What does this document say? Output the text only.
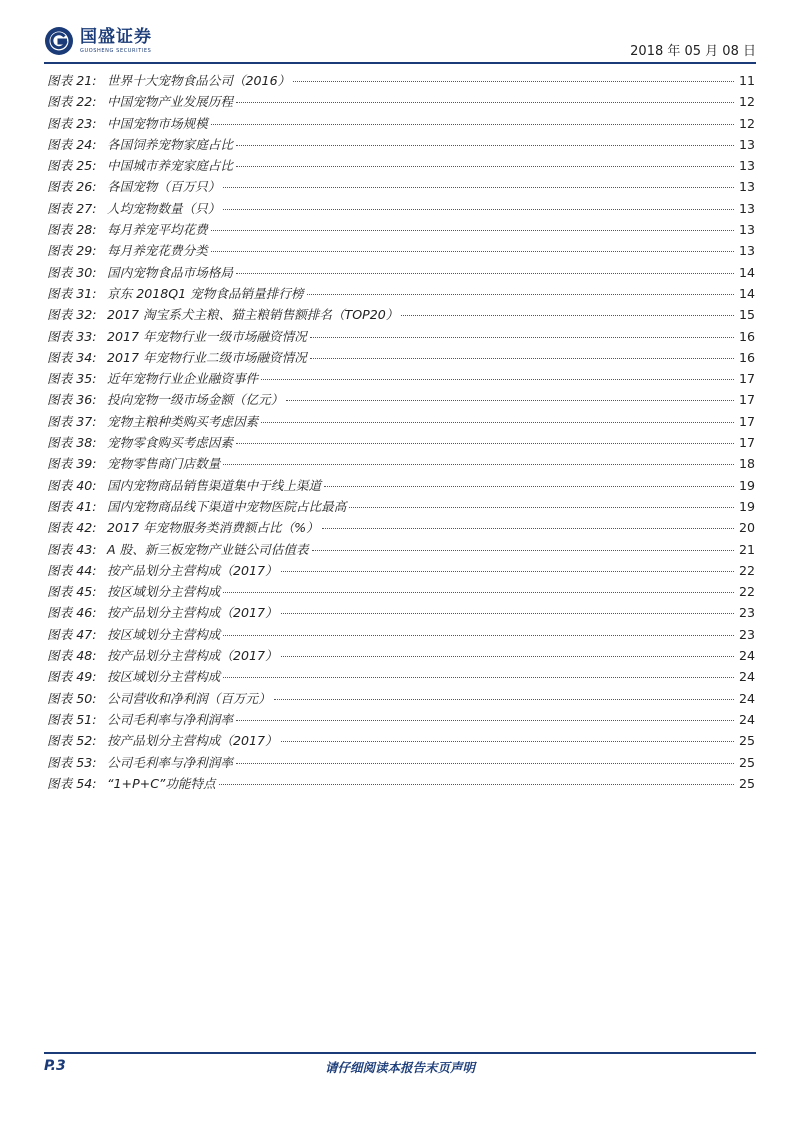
国盛证券
GUOSHENG SECURITIES	2018 年 05 月 08 日
图表 21: 世界十大宠物食品公司（2016）	11
图表 22: 中国宠物产业发展历程	12
图表 23: 中国宠物市场规模	12
图表 24: 各国饲养宠物家庭占比	13
图表 25: 中国城市养宠家庭占比	13
图表 26: 各国宠物（百万只）	13
图表 27: 人均宠物数量（只）	13
图表 28: 每月养宠平均花费	13
图表 29: 每月养宠花费分类	13
图表 30: 国内宠物食品市场格局	14
图表 31: 京东 2018Q1 宠物食品销量排行榜	14
图表 32: 2017 淘宝系犬主粮、猫主粮销售额排名（TOP20）	15
图表 33: 2017 年宠物行业一级市场融资情况	16
图表 34: 2017 年宠物行业二级市场融资情况	16
图表 35: 近年宠物行业企业融资事件	17
图表 36: 投向宠物一级市场金额（亿元）	17
图表 37: 宠物主粮种类购买考虑因素	17
图表 38: 宠物零食购买考虑因素	17
图表 39: 宠物零售商门店数量	18
图表 40: 国内宠物商品销售渠道集中于线上渠道	19
图表 41: 国内宠物商品线下渠道中宠物医院占比最高	19
图表 42: 2017 年宠物服务类消费额占比（%）	20
图表 43: A 股、新三板宠物产业链公司估值表	21
图表 44: 按产品划分主营构成（2017）	22
图表 45: 按区域划分主营构成	22
图表 46: 按产品划分主营构成（2017）	23
图表 47: 按区域划分主营构成	23
图表 48: 按产品划分主营构成（2017）	24
图表 49: 按区域划分主营构成	24
图表 50: 公司营收和净利润（百万元）	24
图表 51: 公司毛利率与净利润率	24
图表 52: 按产品划分主营构成（2017）	25
图表 53: 公司毛利率与净利润率	25
图表 54: “1+P+C”功能特点	25
P.3	请仔细阅读本报告末页声明
